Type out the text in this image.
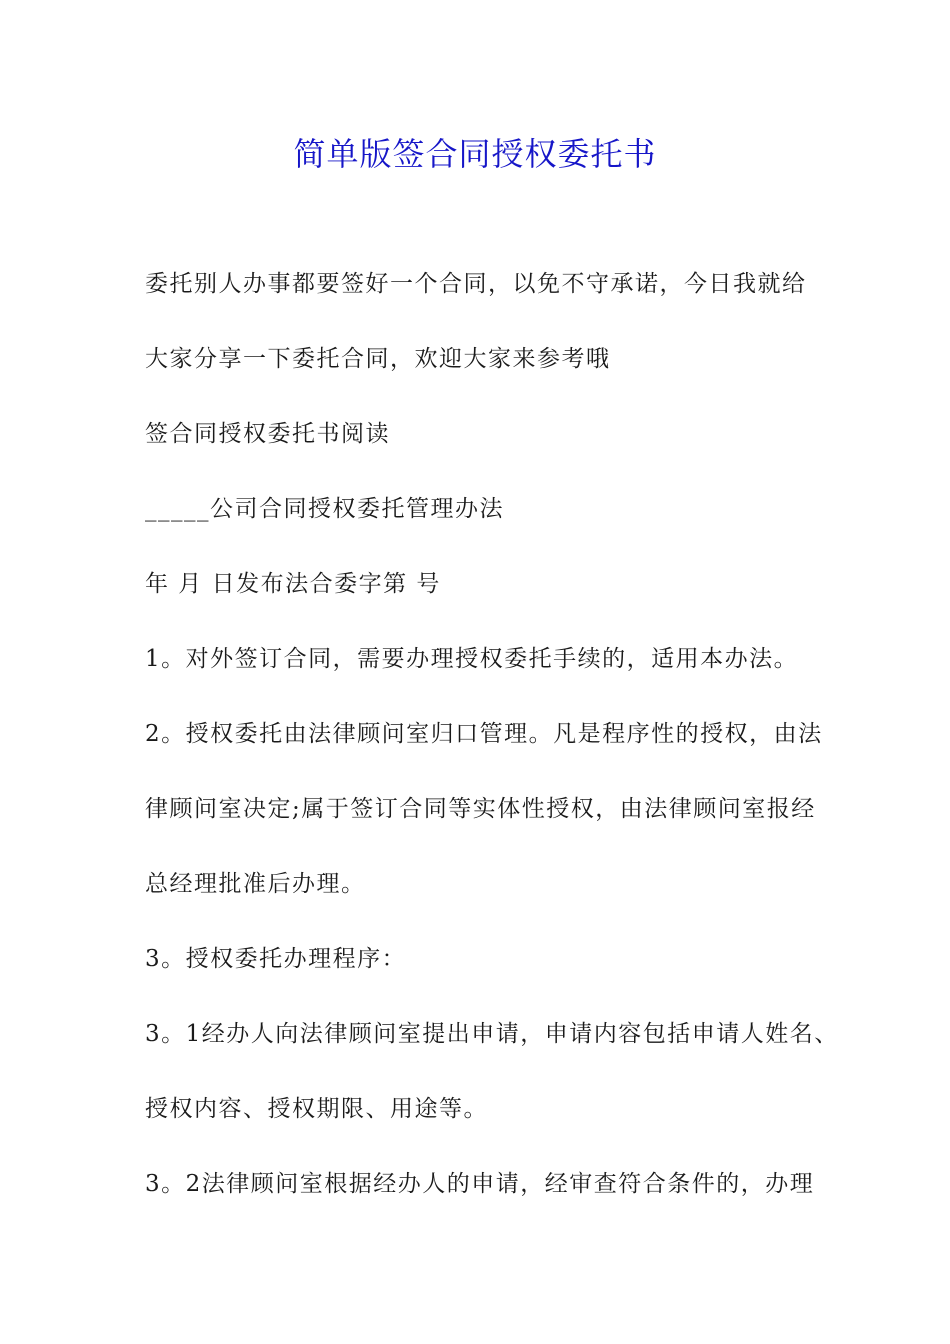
简单版签合同授权委托书
委托别人办事都要签好一个合同，以免不守承诺，今日我就给
大家分享一下委托合同，欢迎大家来参考哦
签合同授权委托书阅读
_____公司合同授权委托管理办法
年 月 日发布法合委字第 号
1。对外签订合同，需要办理授权委托手续的，适用本办法。
2。授权委托由法律顾问室归口管理。凡是程序性的授权，由法
律顾问室决定;属于签订合同等实体性授权，由法律顾问室报经
总经理批准后办理。
3。授权委托办理程序：
3。1经办人向法律顾问室提出申请，申请内容包括申请人姓名、
授权内容、授权期限、用途等。
3。2法律顾问室根据经办人的申请，经审查符合条件的，办理
